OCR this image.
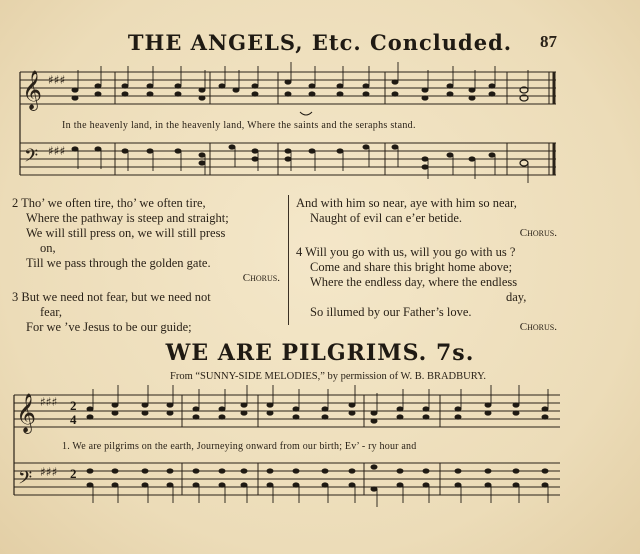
THE ANGELS, Etc. Concluded.	87
𝄞
𝄢
♯♯♯
♯♯♯
In the heavenly land, in the heavenly land, Where the saints and the seraphs stand.
2 Tho’ we often tire, tho’ we often tire,
Where the pathway is steep and straight;
We will still press on, we will still press
on,
Till we pass through the golden gate.
Chorus.
3 But we need not fear, but we need not
fear,
For we ’ve Jesus to be our guide;
And with him so near, aye with him so near,
Naught of evil can e’er betide.
Chorus.
4 Will you go with us, will you go with us ?
Come and share this bright home above;
Where the endless day, where the endless
day,
So illumed by our Father’s love.
Chorus.
WE ARE PILGRIMS. 7s.
From “SUNNY-SIDE MELODIES,” by permission of W. B. BRADBURY.
𝄞
𝄢
♯♯♯
♯♯♯
2
4
2
1. We are pilgrims on the earth, Journeying onward from our birth; Ev’ - ry hour and
